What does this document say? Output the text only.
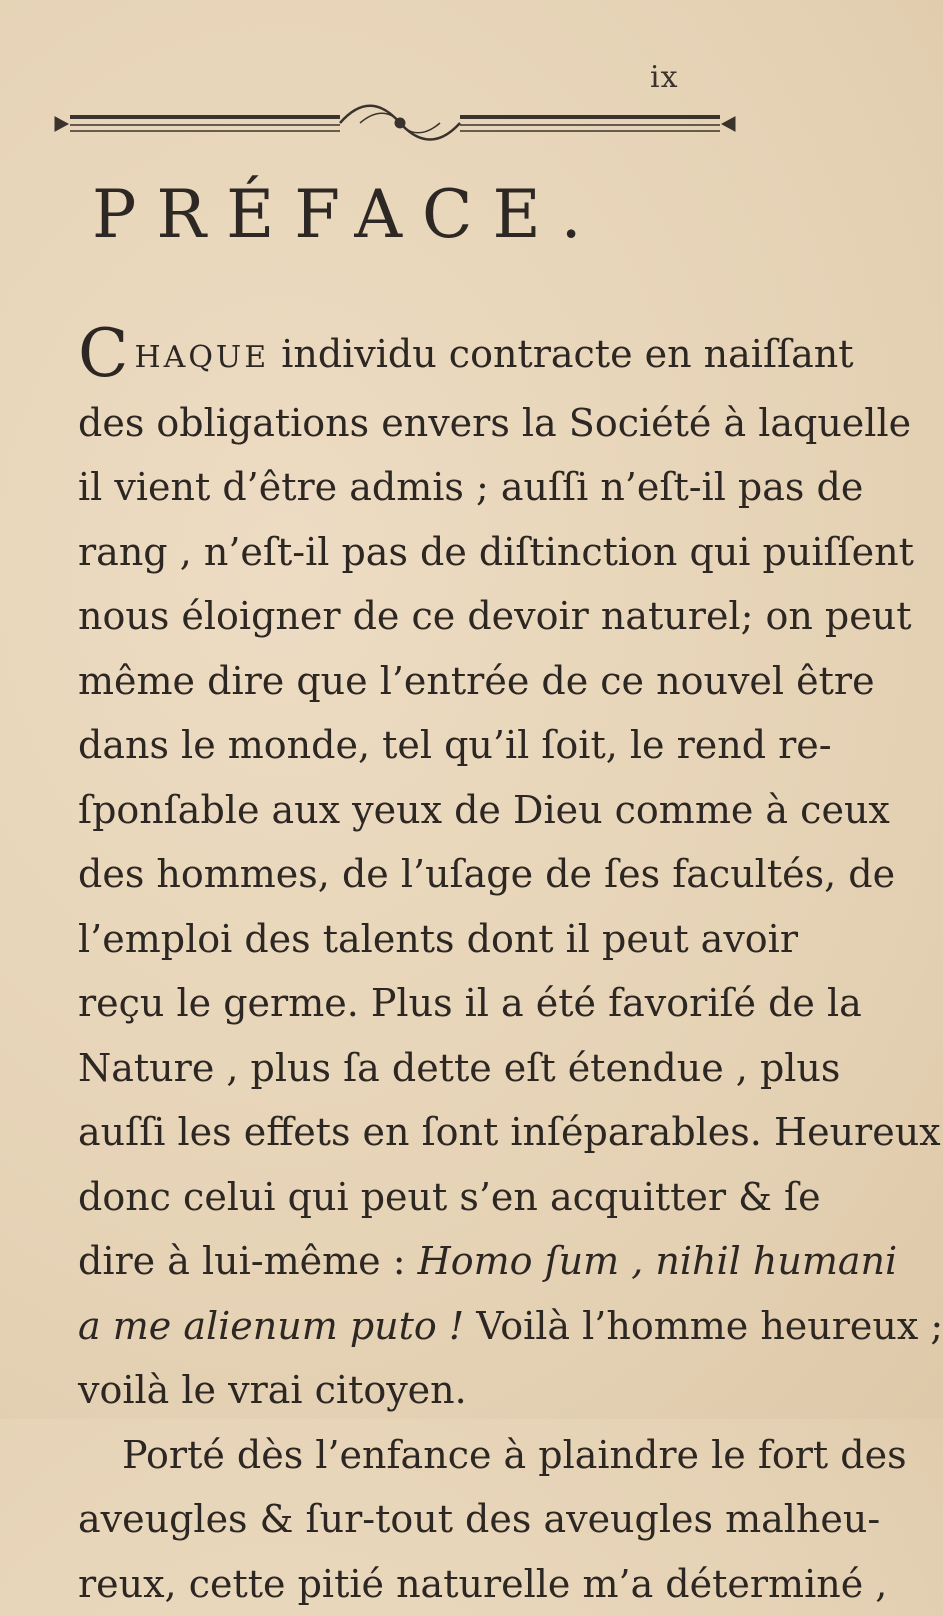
ix
PRÉFACE.

CHAQUE individu contracte en naiſſant
des obligations envers la Société à laquelle
il vient d’être admis ; auſſi n’eſt-il pas de
rang , n’eſt-il pas de diſtinction qui puiſſent
nous éloigner de ce devoir naturel; on peut
même dire que l’entrée de ce nouvel être
dans le monde, tel qu’il ſoit, le rend re-
ſponſable aux yeux de Dieu comme à ceux
des hommes, de l’uſage de ſes facultés, de
l’emploi des talents dont il peut avoir
reçu le germe. Plus il a été favoriſé de la
Nature , plus ſa dette eſt étendue , plus
auſſi les effets en ſont inſéparables. Heureux
donc celui qui peut s’en acquitter & ſe
dire à lui-même : Homo ſum , nihil humani
a me alienum puto ! Voilà l’homme heureux ;
voilà le vrai citoyen.

Porté dès l’enfance à plaindre le fort des
aveugles & ſur-tout des aveugles malheu-
reux, cette pitié naturelle m’a déterminé ,
